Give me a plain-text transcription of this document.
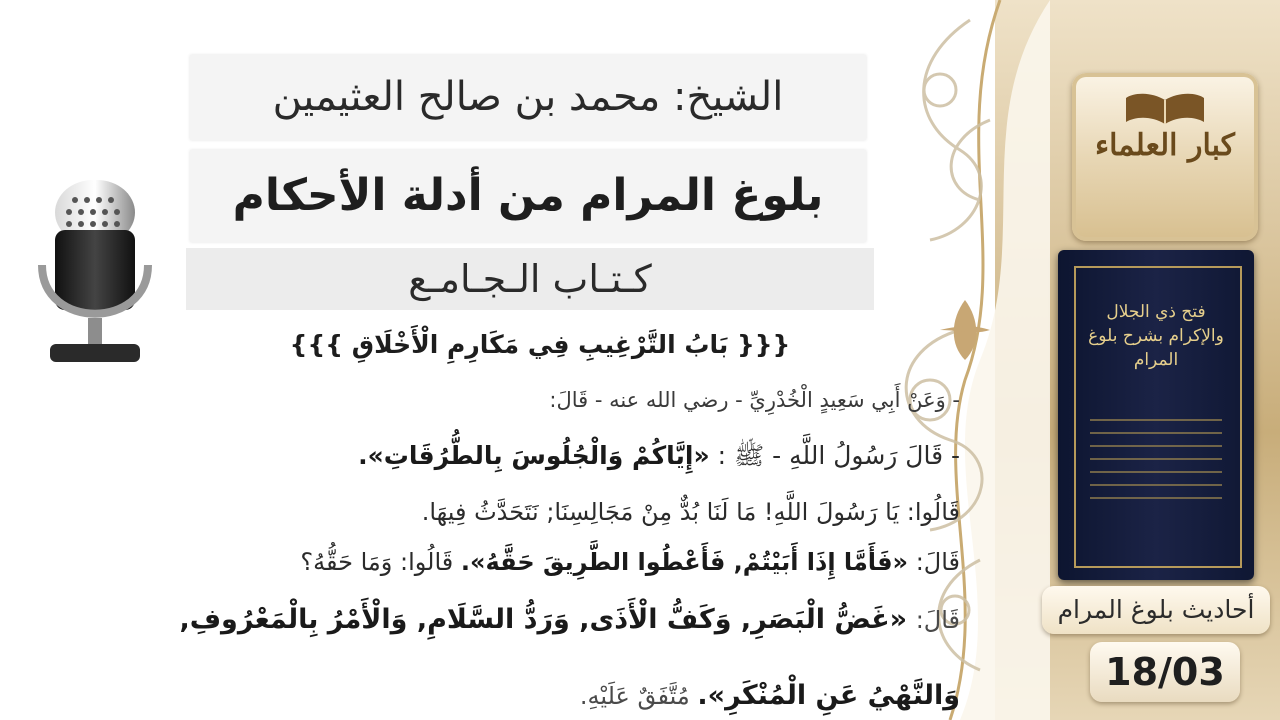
كبار العلماء
فتح ذي الجلال والإكرام بشرح بلوغ المرام
أحاديث بلوغ المرام
18/03
الشيخ: محمد بن صالح العثيمين
بلوغ المرام من أدلة الأحكام
كـتـاب الـجـامـع
{{{ بَابُ التَّرْغِيبِ فِي مَكَارِمِ الْأَخْلَاقِ }}}
- وَعَنْ أَبِي سَعِيدٍ الْخُدْرِيِّ - رضي الله عنه - قَالَ:
- قَالَ رَسُولُ اللَّهِ - ﷺ : «إِيَّاكُمْ وَالْجُلُوسَ بِالطُّرُقَاتِ».
قَالُوا: يَا رَسُولَ اللَّهِ! مَا لَنَا بُدٌّ مِنْ مَجَالِسِنَا; نَتَحَدَّثُ فِيهَا.
قَالَ: «فَأَمَّا إِذَا أَبَيْتُمْ, فَأَعْطُوا الطَّرِيقَ حَقَّهُ». قَالُوا: وَمَا حَقُّهُ؟
قَالَ: «غَضُّ الْبَصَرِ, وَكَفُّ الْأَذَى, وَرَدُّ السَّلَامِ, وَالْأَمْرُ بِالْمَعْرُوفِ,
وَالنَّهْيُ عَنِ الْمُنْكَرِ». مُتَّفَقٌ عَلَيْهِ.
